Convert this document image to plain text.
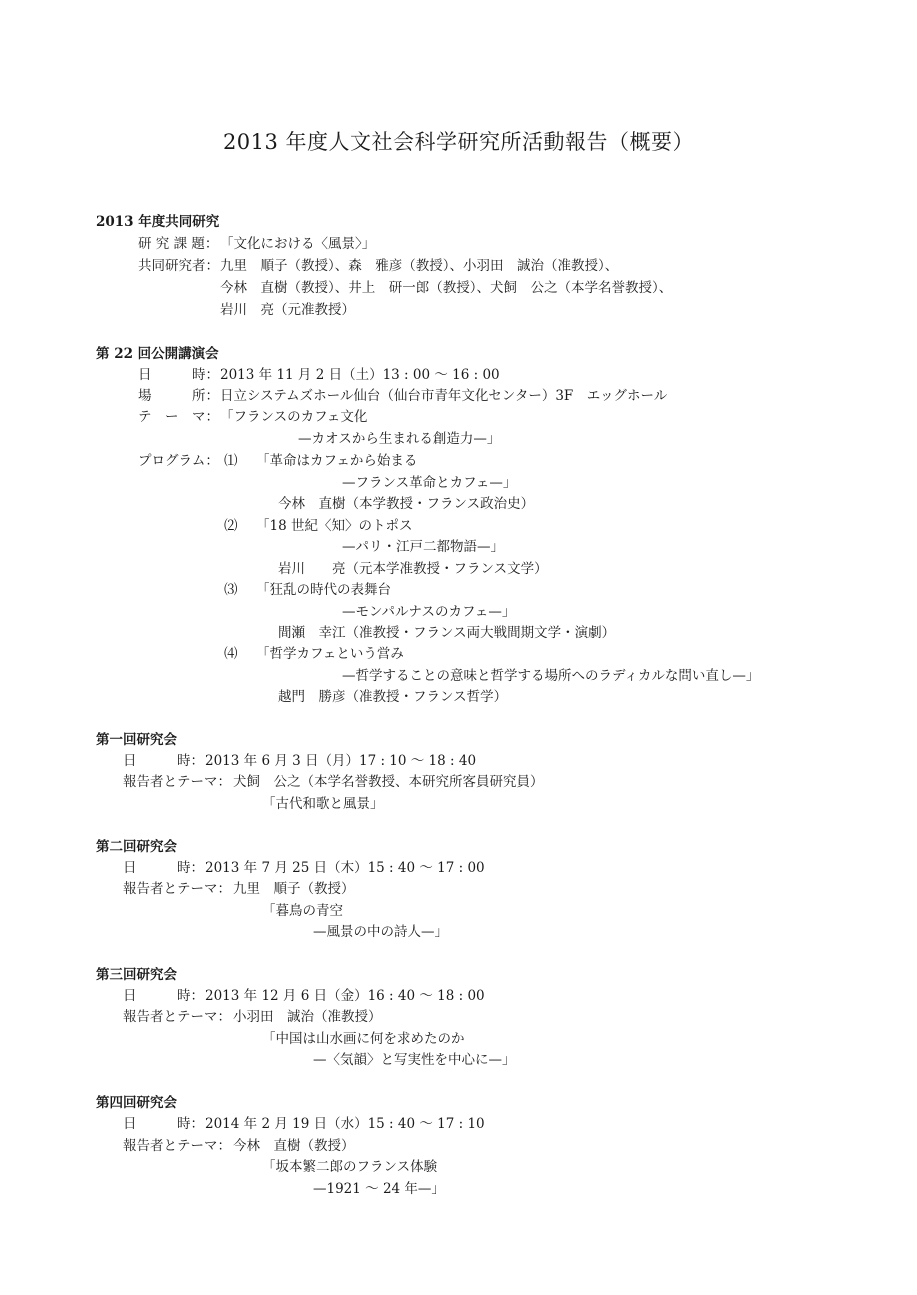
2013 年度人文社会科学研究所活動報告（概要）
2013 年度共同研究
研 究 課 題： 「文化における〈風景〉」
共同研究者： 九里　順子（教授）、森　雅彦（教授）、小羽田　誠治（准教授）、
今林　直樹（教授）、井上　研一郎（教授）、犬飼　公之（本学名誉教授）、
岩川　亮（元准教授）
第 22 回公開講演会
日　　　時： 2013 年 11 月 2 日（土）13 : 00 〜 16 : 00
場　　　所： 日立システムズホール仙台（仙台市青年文化センター）3F　エッグホール
テ　ー　マ： 「フランスのカフェ文化
—カオスから生まれる創造力—」
プログラム： ⑴ 「革命はカフェから始まる
—フランス革命とカフェ—」
今林　直樹（本学教授・フランス政治史）
⑵ 「18 世紀〈知〉のトポス
—パリ・江戸二都物語—」
岩川　　亮（元本学准教授・フランス文学）
⑶ 「狂乱の時代の表舞台
—モンパルナスのカフェ—」
間瀬　幸江（准教授・フランス両大戦間期文学・演劇）
⑷ 「哲学カフェという営み
—哲学することの意味と哲学する場所へのラディカルな問い直し—」
越門　勝彦（准教授・フランス哲学）
第一回研究会
日　　　時： 2013 年 6 月 3 日（月）17 : 10 〜 18 : 40
報告者とテーマ： 犬飼　公之（本学名誉教授、本研究所客員研究員）
「古代和歌と風景」
第二回研究会
日　　　時： 2013 年 7 月 25 日（木）15 : 40 〜 17 : 00
報告者とテーマ： 九里　順子（教授）
「暮鳥の青空
—風景の中の詩人—」
第三回研究会
日　　　時： 2013 年 12 月 6 日（金）16 : 40 〜 18 : 00
報告者とテーマ： 小羽田　誠治（准教授）
「中国は山水画に何を求めたのか
—〈気韻〉と写実性を中心に—」
第四回研究会
日　　　時： 2014 年 2 月 19 日（水）15 : 40 〜 17 : 10
報告者とテーマ： 今林　直樹（教授）
「坂本繁二郎のフランス体験
—1921 〜 24 年—」
